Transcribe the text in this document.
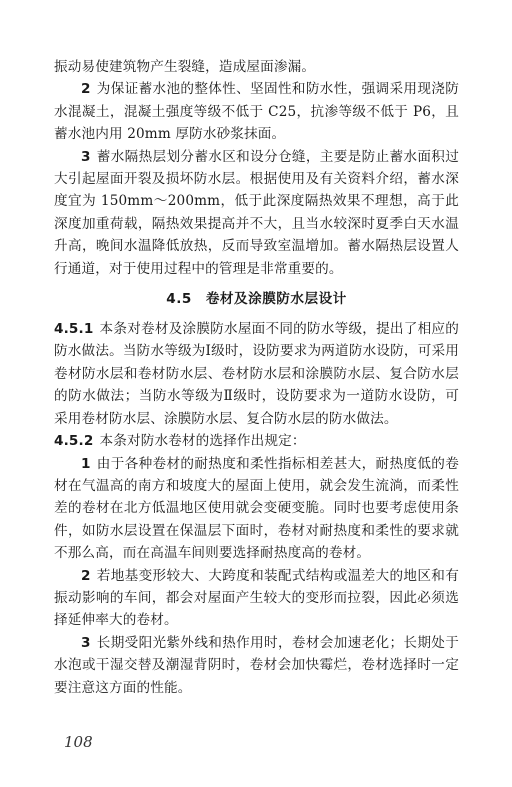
振动易使建筑物产生裂缝，造成屋面渗漏。

2 为保证蓄水池的整体性、坚固性和防水性，强调采用现浇防水混凝土，混凝土强度等级不低于 C25，抗渗等级不低于 P6，且蓄水池内用 20mm 厚防水砂浆抹面。

3 蓄水隔热层划分蓄水区和设分仓缝，主要是防止蓄水面积过大引起屋面开裂及损坏防水层。根据使用及有关资料介绍，蓄水深度宜为 150mm～200mm，低于此深度隔热效果不理想，高于此深度加重荷载，隔热效果提高并不大，且当水较深时夏季白天水温升高，晚间水温降低放热，反而导致室温增加。蓄水隔热层设置人行通道，对于使用过程中的管理是非常重要的。

4.5 卷材及涂膜防水层设计

4.5.1 本条对卷材及涂膜防水屋面不同的防水等级，提出了相应的防水做法。当防水等级为Ⅰ级时，设防要求为两道防水设防，可采用卷材防水层和卷材防水层、卷材防水层和涂膜防水层、复合防水层的防水做法；当防水等级为Ⅱ级时，设防要求为一道防水设防，可采用卷材防水层、涂膜防水层、复合防水层的防水做法。

4.5.2 本条对防水卷材的选择作出规定：

1 由于各种卷材的耐热度和柔性指标相差甚大，耐热度低的卷材在气温高的南方和坡度大的屋面上使用，就会发生流淌，而柔性差的卷材在北方低温地区使用就会变硬变脆。同时也要考虑使用条件，如防水层设置在保温层下面时，卷材对耐热度和柔性的要求就不那么高，而在高温车间则要选择耐热度高的卷材。

2 若地基变形较大、大跨度和装配式结构或温差大的地区和有振动影响的车间，都会对屋面产生较大的变形而拉裂，因此必须选择延伸率大的卷材。

3 长期受阳光紫外线和热作用时，卷材会加速老化；长期处于水泡或干湿交替及潮湿背阴时，卷材会加快霉烂，卷材选择时一定要注意这方面的性能。

108
